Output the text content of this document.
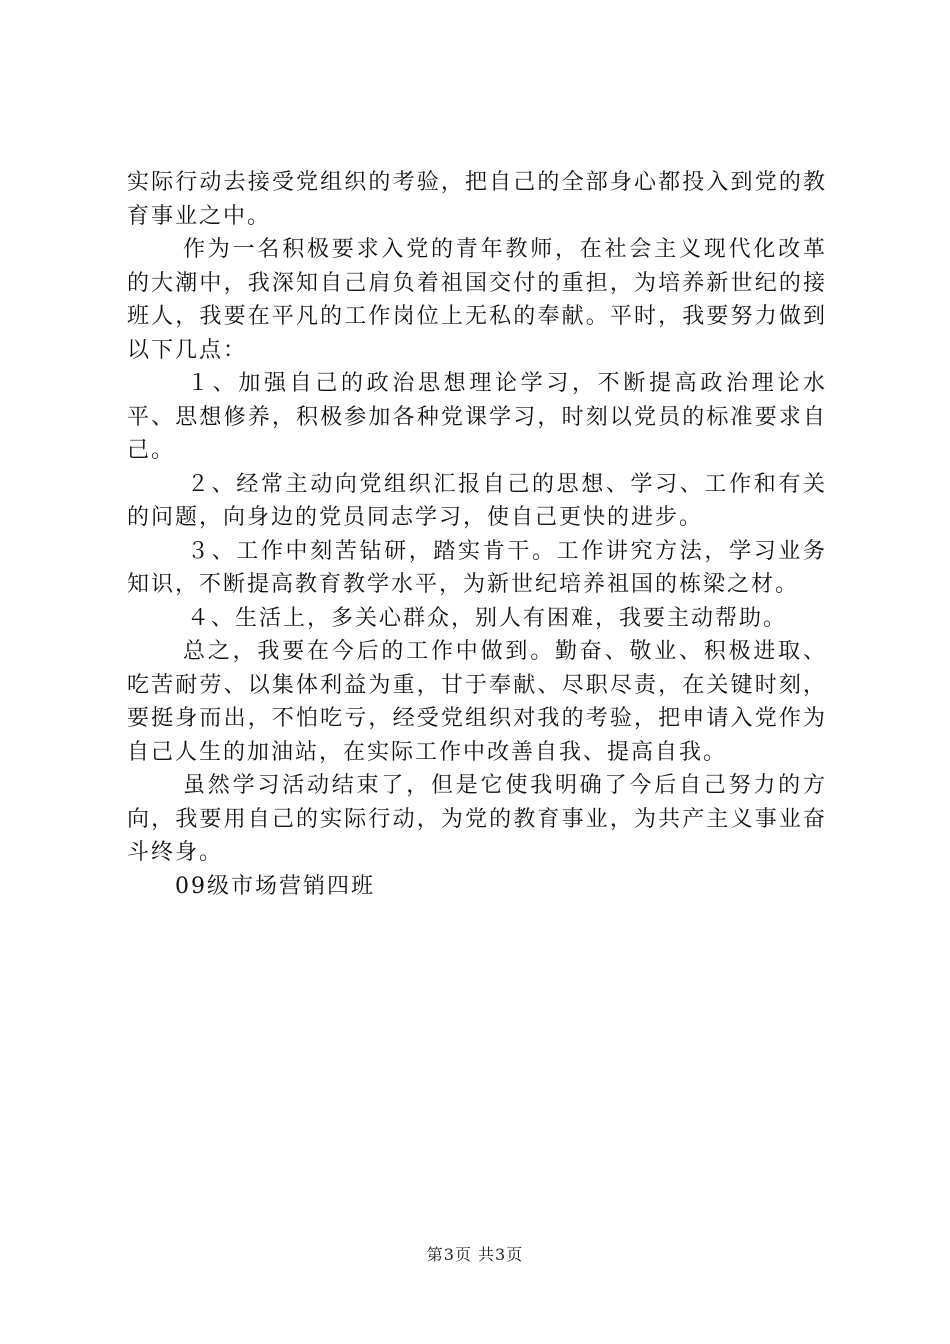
实际行动去接受党组织的考验，把自己的全部身心都投入到党的教育事业之中。

作为一名积极要求入党的青年教师，在社会主义现代化改革的大潮中，我深知自己肩负着祖国交付的重担，为培养新世纪的接班人，我要在平凡的工作岗位上无私的奉献。平时，我要努力做到以下几点：

１、加强自己的政治思想理论学习，不断提高政治理论水平、思想修养，积极参加各种党课学习，时刻以党员的标准要求自己。

２、经常主动向党组织汇报自己的思想、学习、工作和有关的问题，向身边的党员同志学习，使自己更快的进步。

３、工作中刻苦钻研，踏实肯干。工作讲究方法，学习业务知识，不断提高教育教学水平，为新世纪培养祖国的栋梁之材。

４、生活上，多关心群众，别人有困难，我要主动帮助。

总之，我要在今后的工作中做到。勤奋、敬业、积极进取、吃苦耐劳、以集体利益为重，甘于奉献、尽职尽责，在关键时刻，要挺身而出，不怕吃亏，经受党组织对我的考验，把申请入党作为自己人生的加油站，在实际工作中改善自我、提高自我。

虽然学习活动结束了，但是它使我明确了今后自己努力的方向，我要用自己的实际行动，为党的教育事业，为共产主义事业奋斗终身。

09级市场营销四班

第3页 共3页
